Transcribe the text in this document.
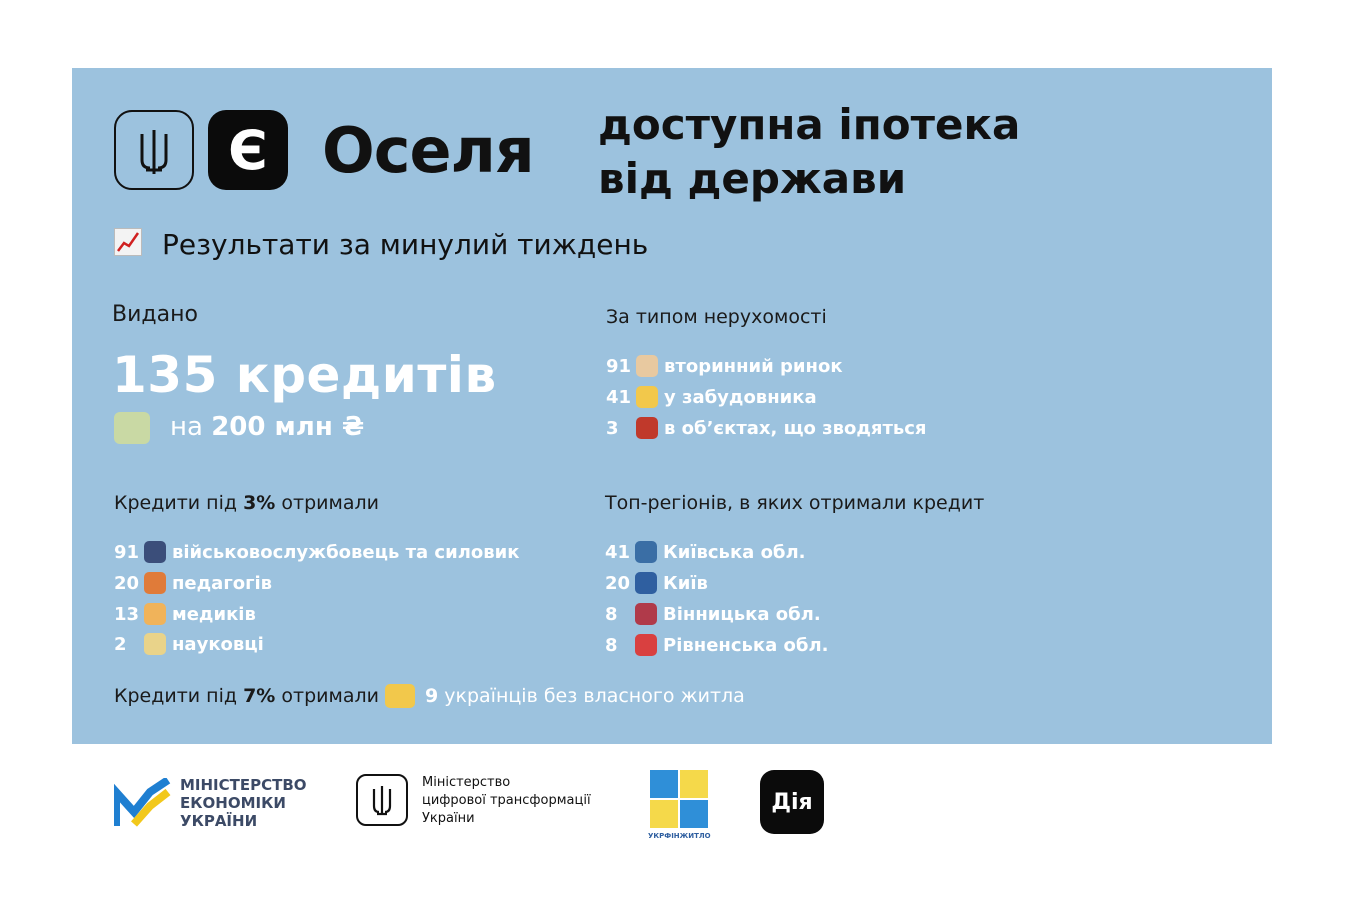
Є Оселя доступна іпотека
від держави
Результати за минулий тиждень
Видано
135 кредитів
на 200 млн ₴
За типом нерухомості
91 вторинний ринок
41 у забудовника
3	в об’єктах, що зводяться
Кредити під 3% отримали
91 військовослужбовець та силовик
20 педагогів
13 медиків
2	науковці
Топ-регіонів, в яких отримали кредит
41 Київська обл.
20 Київ
8	Вінницька обл.
8	Рівненська обл.
Кредити під
7%
отримали 9
українців без власного житла
МІНІСТЕРСТВО
ЕКОНОМІКИ
УКРАЇНИ
Міністерство
цифрової трансформації
України
УКРФІНЖИТЛО
Дія
